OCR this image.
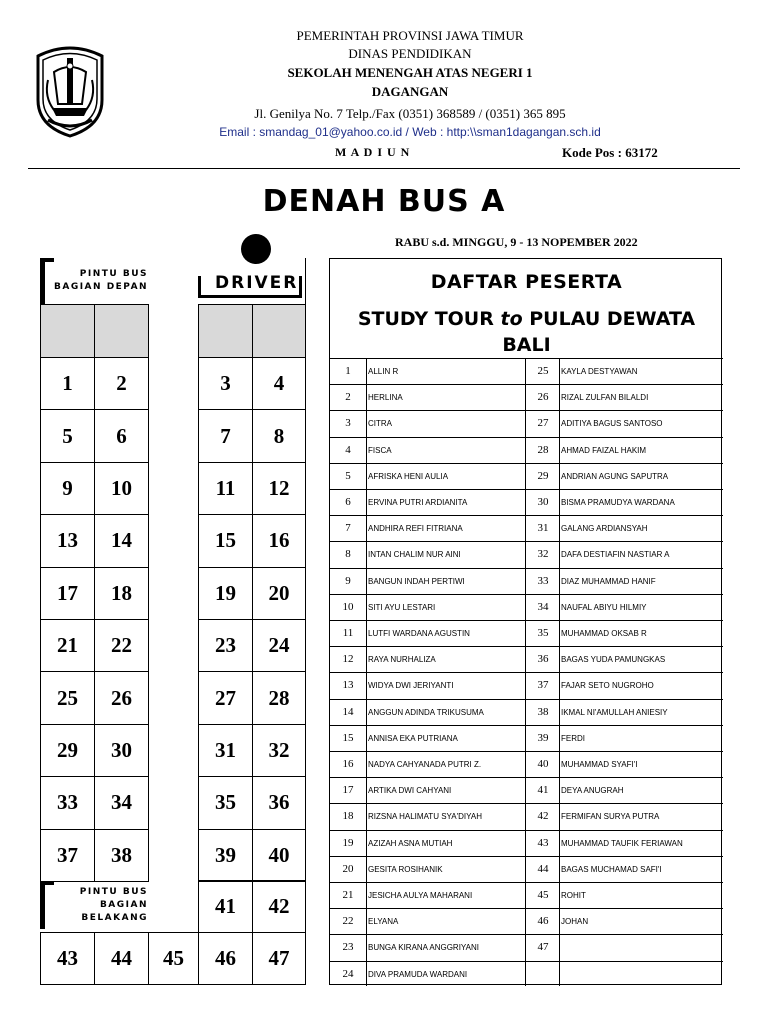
PEMERINTAH PROVINSI JAWA TIMUR
DINAS PENDIDIKAN
SEKOLAH MENENGAH ATAS NEGERI 1
DAGANGAN
Jl. Genilya No. 7 Telp./Fax (0351) 368589 / (0351) 365 895
Email : smandag_01@yahoo.co.id / Web : http:\\sman1dagangan.sch.id
M A D I U N	Kode Pos : 63172
DENAH BUS A
RABU s.d. MINGGU, 9 - 13 NOPEMBER 2022
PINTU BUS
BAGIAN DEPAN	DRIVER
1	2	3	4
5	6	7	8
9	10	11	12
13	14	15	16
17	18	19	20
21	22	23	24
25	26	27	28
29	30	31	32
33	34	35	36
37	38	39	40
PINTU BUS
BAGIAN
BELAKANG	41	42
43	44	45	46	47
DAFTAR PESERTA
STUDY TOUR to PULAU DEWATA
BALI
1	ALLIN R	25	KAYLA DESTYAWAN
2	HERLINA	26	RIZAL ZULFAN BILALDI
3	CITRA	27	ADITIYA BAGUS SANTOSO
4	FISCA	28	AHMAD FAIZAL HAKIM
5	AFRISKA HENI AULIA	29	ANDRIAN AGUNG SAPUTRA
6	ERVINA PUTRI ARDIANITA	30	BISMA PRAMUDYA WARDANA
7	ANDHIRA REFI FITRIANA	31	GALANG ARDIANSYAH
8	INTAN CHALIM NUR AINI	32	DAFA DESTIAFIN NASTIAR A
9	BANGUN INDAH PERTIWI	33	DIAZ MUHAMMAD HANIF
10	SITI AYU LESTARI	34	NAUFAL ABIYU HILMIY
11	LUTFI WARDANA AGUSTIN	35	MUHAMMAD OKSAB R
12	RAYA NURHALIZA	36	BAGAS YUDA PAMUNGKAS
13	WIDYA DWI JERIYANTI	37	FAJAR SETO NUGROHO
14	ANGGUN ADINDA TRIKUSUMA	38	IKMAL NI'AMULLAH ANIESIY
15	ANNISA EKA PUTRIANA	39	FERDI
16	NADYA CAHYANADA PUTRI Z.	40	MUHAMMAD SYAFI'I
17	ARTIKA DWI CAHYANI	41	DEYA ANUGRAH
18	RIZSNA HALIMATU SYA'DIYAH	42	FERMIFAN SURYA PUTRA
19	AZIZAH ASNA MUTIAH	43	MUHAMMAD TAUFIK FERIAWAN
20	GESITA ROSIHANIK	44	BAGAS MUCHAMAD SAFI'I
21	JESICHA AULYA MAHARANI	45	ROHIT
22	ELYANA	46	JOHAN
23	BUNGA KIRANA ANGGRIYANI	47
24	DIVA PRAMUDA WARDANI
